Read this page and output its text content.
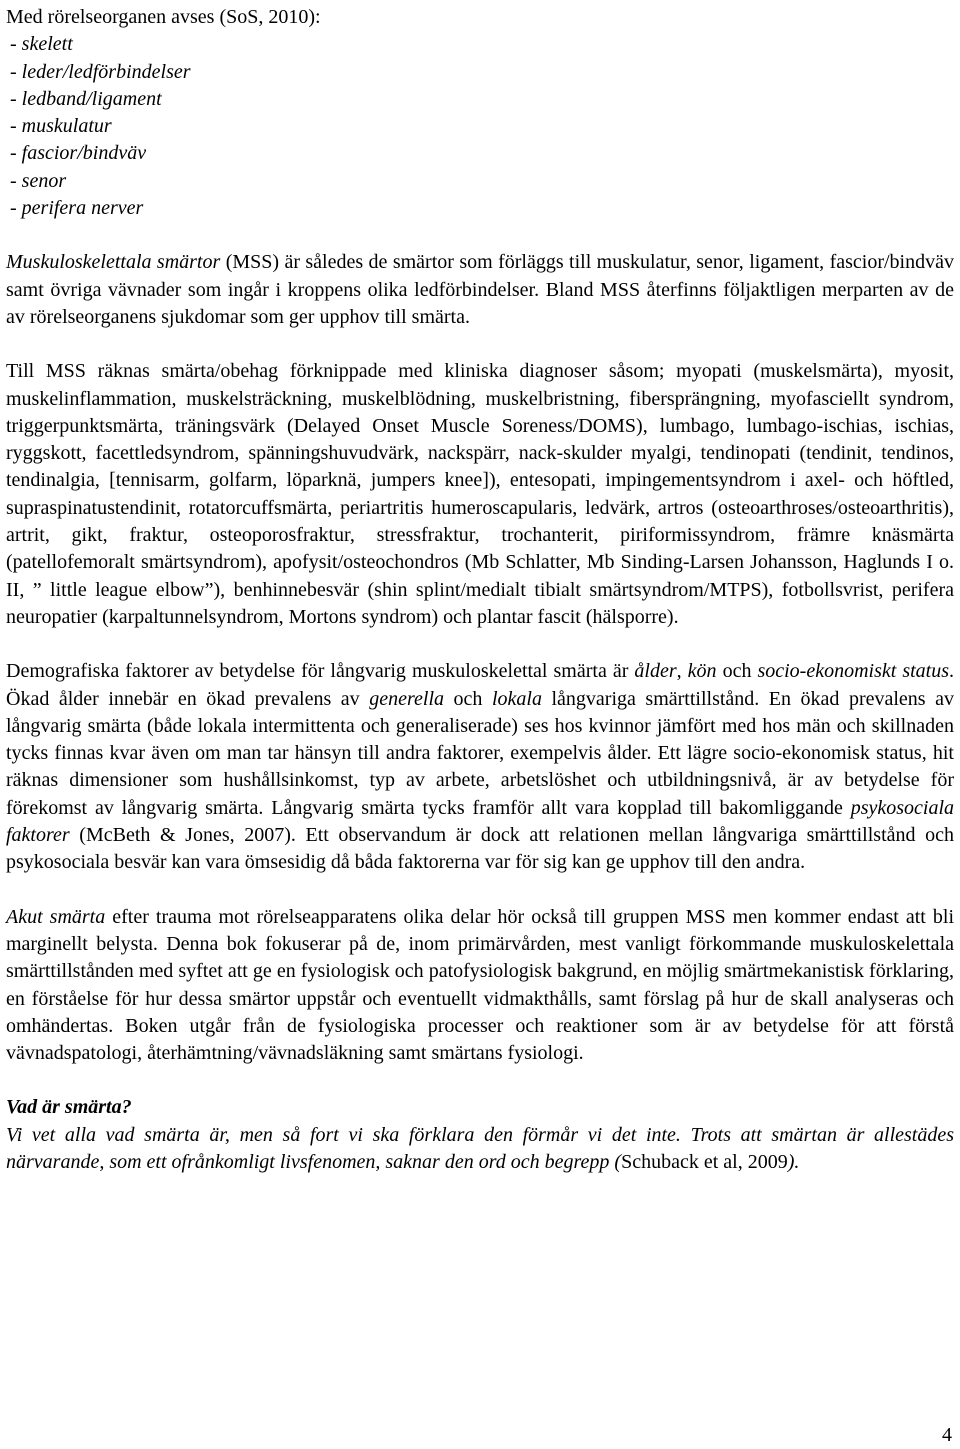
Med rörelseorganen avses (SoS, 2010):

- skelett
- leder/ledförbindelser
- ledband/ligament
- muskulatur
- fascior/bindväv
- senor
- perifera nerver

Muskuloskelettala smärtor (MSS) är således de smärtor som förläggs till muskulatur, senor, ligament, fascior/bindväv samt övriga vävnader som ingår i kroppens olika ledförbindelser. Bland MSS återfinns följaktligen merparten av de av rörelseorganens sjukdomar som ger upphov till smärta.

Till MSS räknas smärta/obehag förknippade med kliniska diagnoser såsom; myopati (muskelsmärta), myosit, muskelinflammation, muskelsträckning, muskelblödning, muskelbristning, fibersprängning, myofasciellt syndrom, triggerpunktsmärta, träningsvärk (Delayed Onset Muscle Soreness/DOMS), lumbago, lumbago-ischias, ischias, ryggskott, facettledsyndrom, spänningshuvudvärk, nackspärr, nack-skulder myalgi, tendinopati (tendinit, tendinos, tendinalgia, [tennisarm, golfarm, löparknä, jumpers knee]), entesopati, impingementsyndrom i axel- och höftled, supraspinatustendinit, rotatorcuffsmärta, periartritis humeroscapularis, ledvärk, artros (osteoarthroses/osteoarthritis), artrit, gikt, fraktur, osteoporosfraktur, stressfraktur, trochanterit, piriformissyndrom, främre knäsmärta (patellofemoralt smärtsyndrom), apofysit/osteochondros (Mb Schlatter, Mb Sinding-Larsen Johansson, Haglunds I o. II, ” little league elbow”), benhinnebesvär (shin splint/medialt tibialt smärtsyndrom/MTPS), fotbollsvrist, perifera neuropatier (karpaltunnelsyndrom, Mortons syndrom) och plantar fascit (hälsporre).

Demografiska faktorer av betydelse för långvarig muskuloskelettal smärta är ålder, kön och socio-ekonomiskt status. Ökad ålder innebär en ökad prevalens av generella och lokala långvariga smärttillstånd. En ökad prevalens av långvarig smärta (både lokala intermittenta och generaliserade) ses hos kvinnor jämfört med hos män och skillnaden tycks finnas kvar även om man tar hänsyn till andra faktorer, exempelvis ålder. Ett lägre socio-ekonomisk status, hit räknas dimensioner som hushållsinkomst, typ av arbete, arbetslöshet och utbildningsnivå, är av betydelse för förekomst av långvarig smärta. Långvarig smärta tycks framför allt vara kopplad till bakomliggande psykosociala faktorer (McBeth & Jones, 2007). Ett observandum är dock att relationen mellan långvariga smärttillstånd och psykosociala besvär kan vara ömsesidig då båda faktorerna var för sig kan ge upphov till den andra.

Akut smärta efter trauma mot rörelseapparatens olika delar hör också till gruppen MSS men kommer endast att bli marginellt belysta. Denna bok fokuserar på de, inom primärvården, mest vanligt förkommande muskuloskelettala smärttillstånden med syftet att ge en fysiologisk och patofysiologisk bakgrund, en möjlig smärtmekanistisk förklaring, en förståelse för hur dessa smärtor uppstår och eventuellt vidmakthålls, samt förslag på hur de skall analyseras och omhändertas. Boken utgår från de fysiologiska processer och reaktioner som är av betydelse för att förstå vävnadspatologi, återhämtning/vävnadsläkning samt smärtans fysiologi.

Vad är smärta?

Vi vet alla vad smärta är, men så fort vi ska förklara den förmår vi det inte. Trots att smärtan är allestädes närvarande, som ett ofrånkomligt livsfenomen, saknar den ord och begrepp (Schuback et al, 2009).

4
